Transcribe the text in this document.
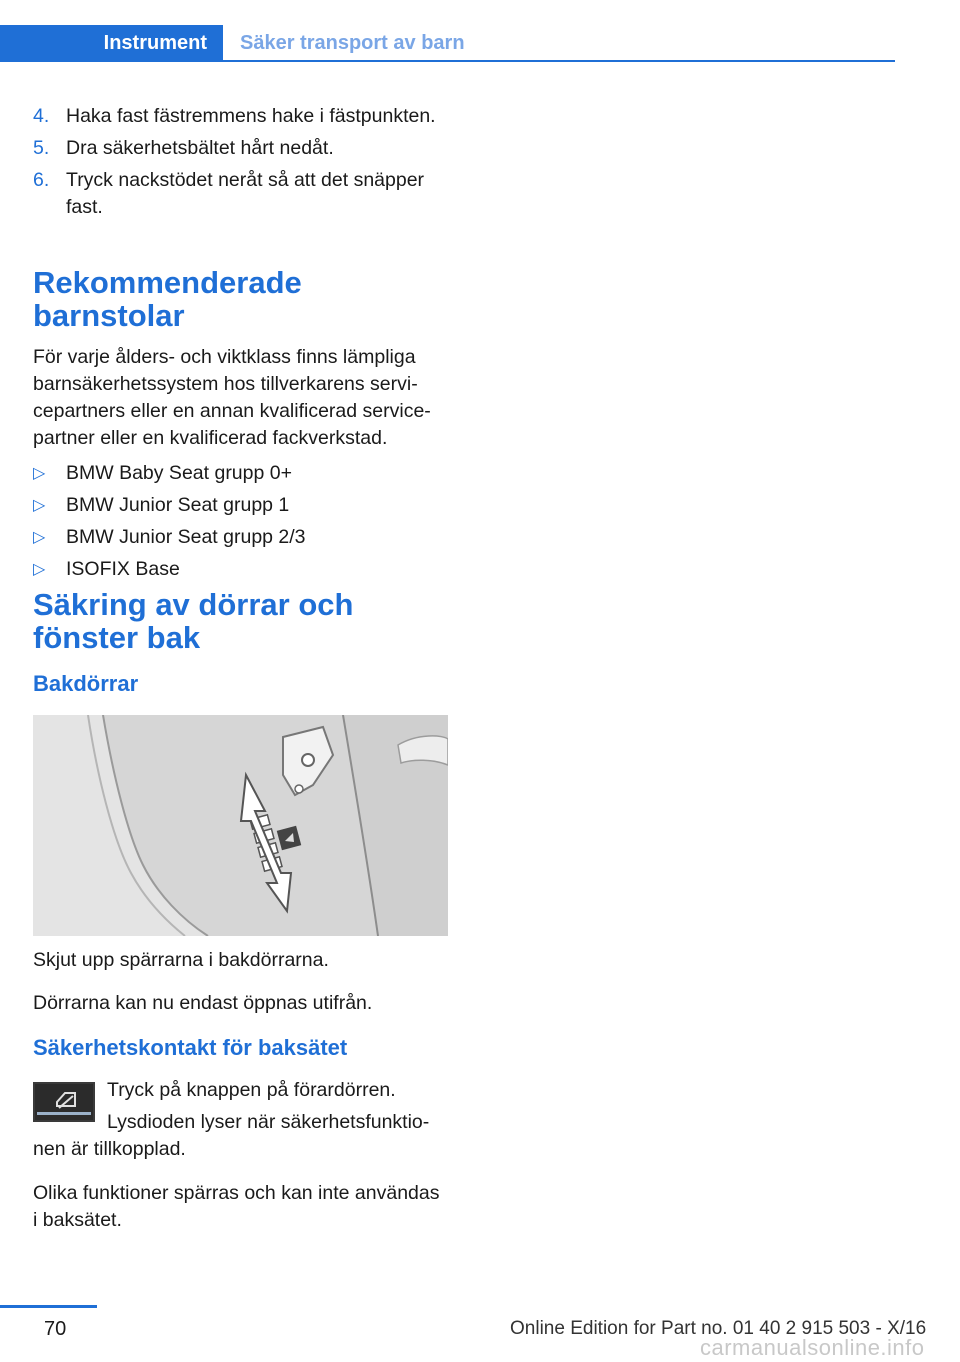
Instrument	Säker transport av barn
4. Haka fast fästremmens hake i fästpunkten.
5. Dra säkerhetsbältet hårt nedåt.
6. Tryck nackstödet neråt så att det snäpper fast.
Rekommenderade barnstolar

För varje ålders- och viktklass finns lämpliga barnsäkerhetssystem hos tillverkarens servi- cepartners eller en annan kvalificerad service- partner eller en kvalificerad fackverkstad.

▷ BMW Baby Seat grupp 0+
▷ BMW Junior Seat grupp 1
▷ BMW Junior Seat grupp 2/3
▷ ISOFIX Base
Säkring av dörrar och fönster bak
Bakdörrar

Skjut upp spärrarna i bakdörrarna.

Dörrarna kan nu endast öppnas utifrån.

Säkerhetskontakt för baksätet

Tryck på knappen på förardörren.

Lysdioden lyser när säkerhetsfunktio- nen är tillkopplad.

Olika funktioner spärras och kan inte användas i baksätet.

70	Online Edition for Part no. 01 40 2 915 503 - X/16
carmanualsonline.info
